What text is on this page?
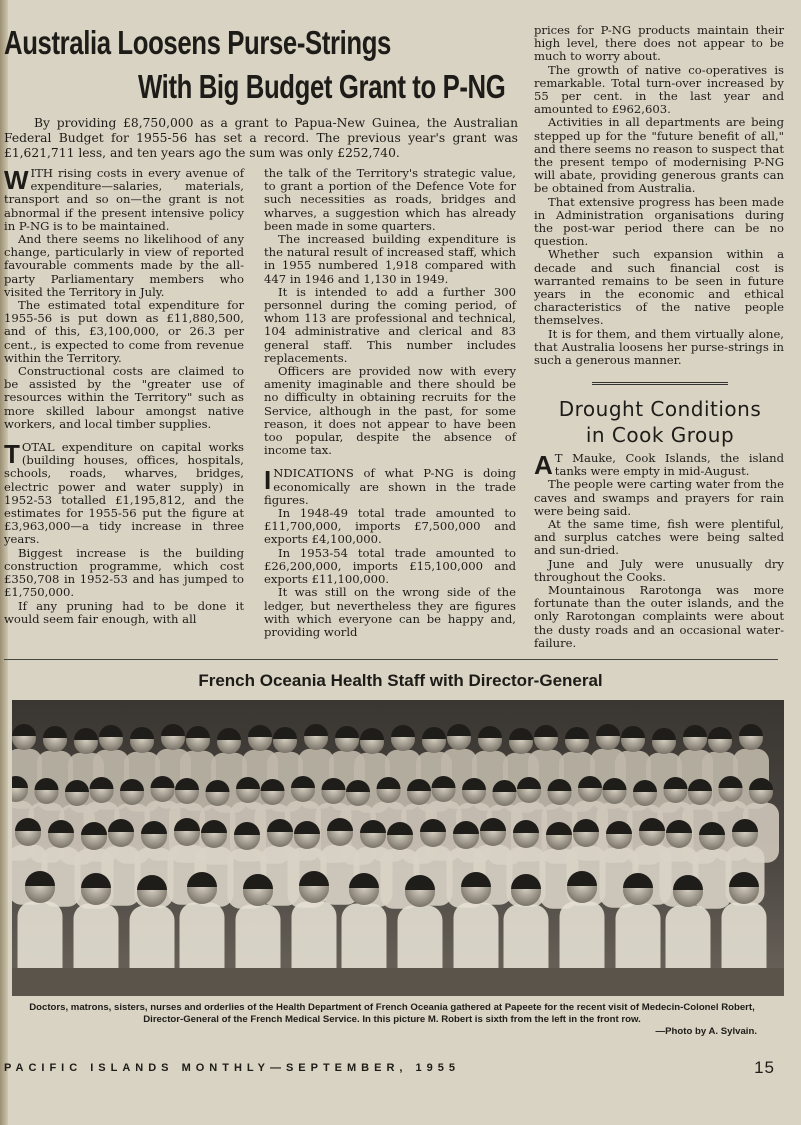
Australia Loosens Purse-Strings
With Big Budget Grant to P-NG

By providing £8,750,000 as a grant to Papua-New Guinea, the Australian Federal Budget for 1955-56 has set a record. The previous year's grant was £1,621,711 less, and ten years ago the sum was only £252,740.

WITH rising costs in every avenue of expenditure—salaries, materials, transport and so on—the grant is not abnormal if the present intensive policy in P-NG is to be maintained.

And there seems no likelihood of any change, particularly in view of reported favourable comments made by the all-party Parliamentary members who visited the Territory in July.

The estimated total expenditure for 1955-56 is put down as £11,880,500, and of this, £3,100,000, or 26.3 per cent., is expected to come from revenue within the Territory.

Constructional costs are claimed to be assisted by the "greater use of resources within the Territory" such as more skilled labour amongst native workers, and local timber supplies.

TOTAL expenditure on capital works (building houses, offices, hospitals, schools, roads, wharves, bridges, electric power and water supply) in 1952-53 totalled £1,195,812, and the estimates for 1955-56 put the figure at £3,963,000—a tidy increase in three years.

Biggest increase is the building construction programme, which cost £350,708 in 1952-53 and has jumped to £1,750,000.

If any pruning had to be done it would seem fair enough, with all

the talk of the Territory's strategic value, to grant a portion of the Defence Vote for such necessities as roads, bridges and wharves, a suggestion which has already been made in some quarters.

The increased building expenditure is the natural result of increased staff, which in 1955 numbered 1,918 compared with 447 in 1946 and 1,130 in 1949.

It is intended to add a further 300 personnel during the coming period, of whom 113 are professional and technical, 104 administrative and clerical and 83 general staff. This number includes replacements.

Officers are provided now with every amenity imaginable and there should be no difficulty in obtaining recruits for the Service, although in the past, for some reason, it does not appear to have been too popular, despite the absence of income tax.

INDICATIONS of what P-NG is doing economically are shown in the trade figures.

In 1948-49 total trade amounted to £11,700,000, imports £7,500,000 and exports £4,100,000.

In 1953-54 total trade amounted to £26,200,000, imports £15,100,000 and exports £11,100,000.

It was still on the wrong side of the ledger, but nevertheless they are figures with which everyone can be happy and, providing world

prices for P-NG products maintain their high level, there does not appear to be much to worry about.

The growth of native co-operatives is remarkable. Total turn-over increased by 55 per cent. in the last year and amounted to £962,603.

Activities in all departments are being stepped up for the "future benefit of all," and there seems no reason to suspect that the present tempo of modernising P-NG will abate, providing generous grants can be obtained from Australia.

That extensive progress has been made in Administration organisations during the post-war period there can be no question.

Whether such expansion within a decade and such financial cost is warranted remains to be seen in future years in the economic and ethical characteristics of the native people themselves.

It is for them, and them virtually alone, that Australia loosens her purse-strings in such a generous manner.

Drought Conditions
in Cook Group

A T Mauke, Cook Islands, the island tanks were empty in mid-August.

The people were carting water from the caves and swamps and prayers for rain were being said.

At the same time, fish were plentiful, and surplus catches were being salted and sun-dried.

June and July were unusually dry throughout the Cooks.

Mountainous Rarotonga was more fortunate than the outer islands, and the only Rarotongan complaints were about the dusty roads and an occasional water-failure.

French Oceania Health Staff with Director-General
Doctors, matrons, sisters, nurses and orderlies of the Health Department of French Oceania gathered at Papeete for the recent visit of Medecin-Colonel Robert, Director-General of the French Medical Service. In this picture M. Robert is sixth from the left in the front row.
—Photo by A. Sylvain.
PACIFIC ISLANDS MONTHLY—SEPTEMBER, 1955	15
